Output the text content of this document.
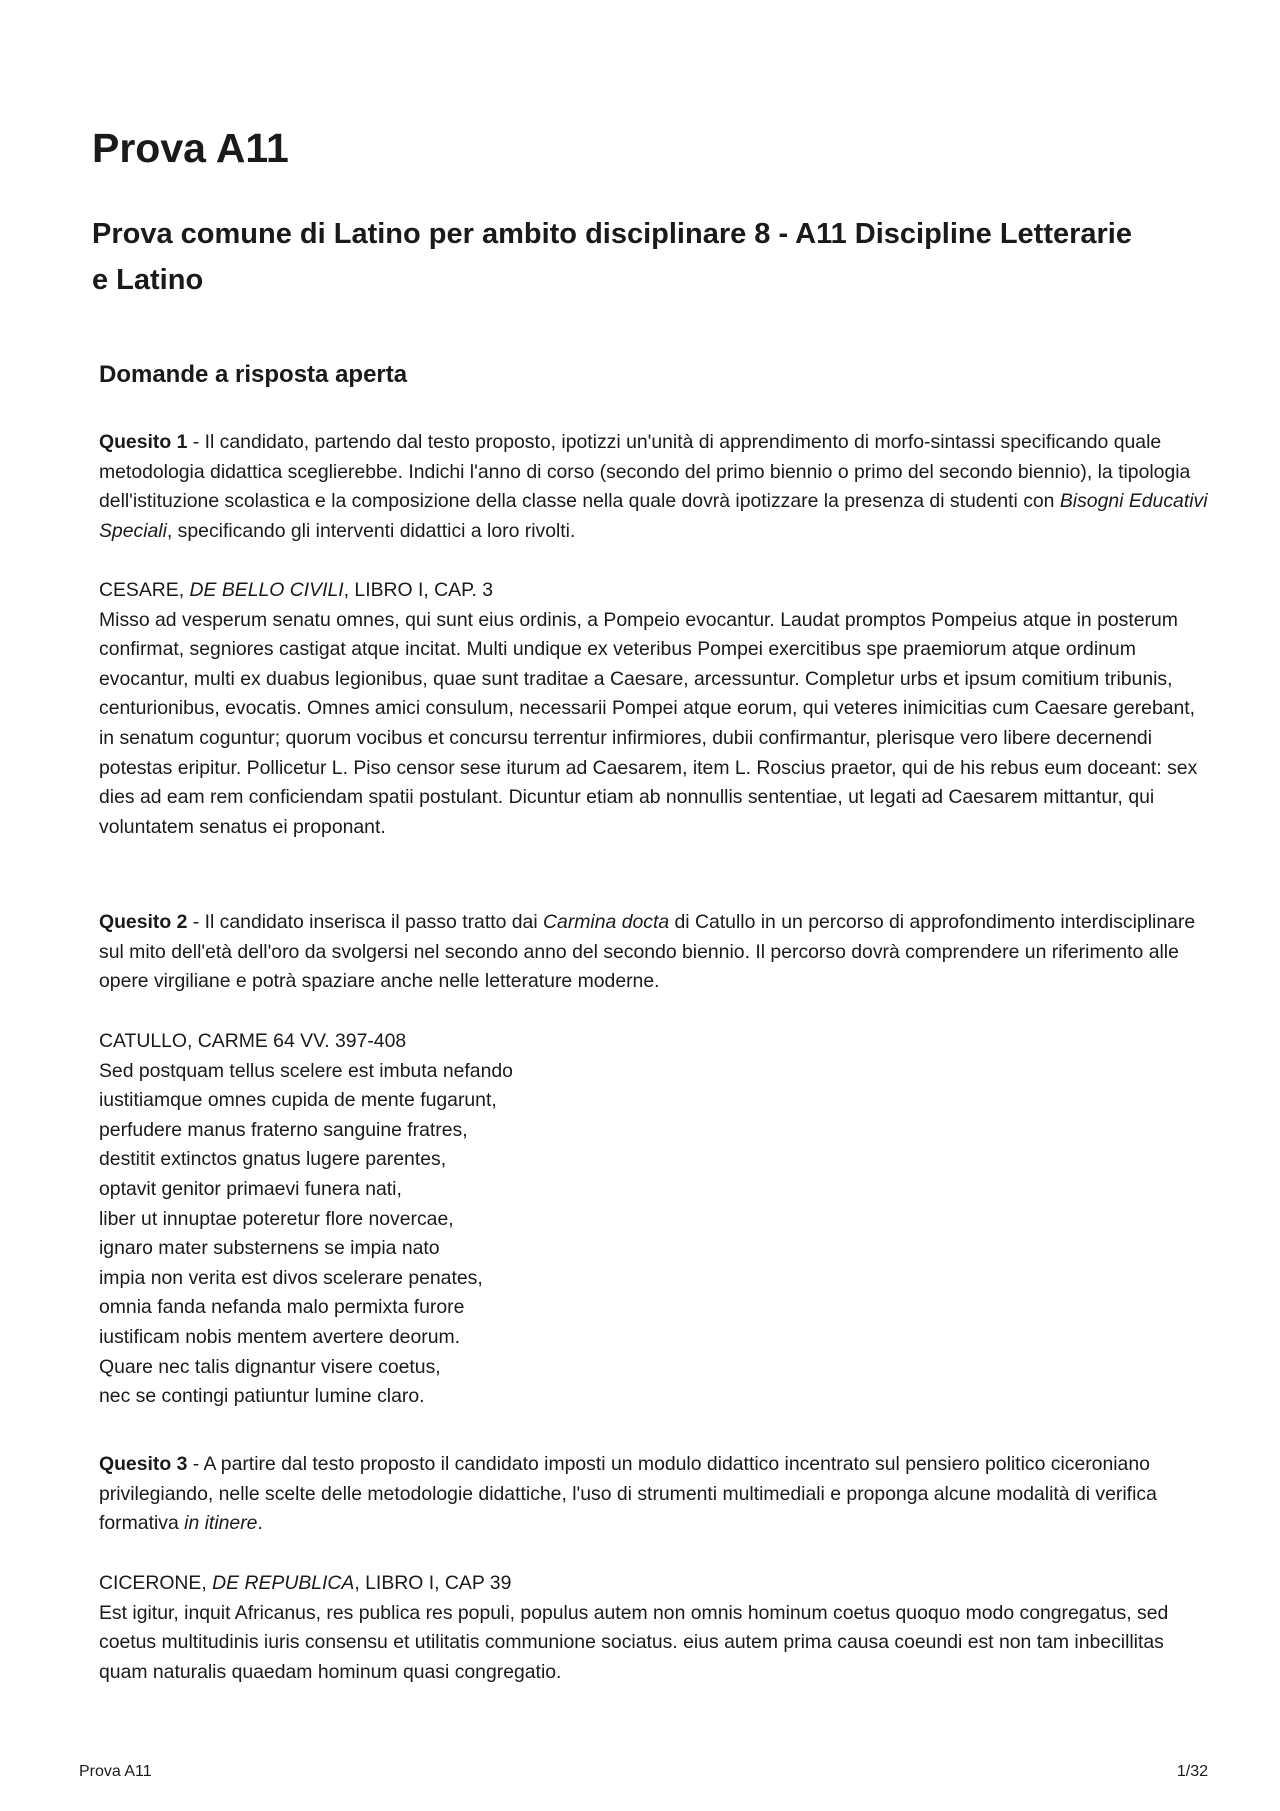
Prova A11
Prova comune di Latino per ambito disciplinare 8 - A11 Discipline Letterarie e Latino
Domande a risposta aperta

Quesito 1 - Il candidato, partendo dal testo proposto, ipotizzi un'unità di apprendimento di morfo-sintassi specificando quale metodologia didattica sceglierebbe. Indichi l'anno di corso (secondo del primo biennio o primo del secondo biennio), la tipologia dell'istituzione scolastica e la composizione della classe nella quale dovrà ipotizzare la presenza di studenti con Bisogni Educativi Speciali, specificando gli interventi didattici a loro rivolti.

CESARE, DE BELLO CIVILI, LIBRO I, CAP. 3

Misso ad vesperum senatu omnes, qui sunt eius ordinis, a Pompeio evocantur. Laudat promptos Pompeius atque in posterum confirmat, segniores castigat atque incitat. Multi undique ex veteribus Pompei exercitibus spe praemiorum atque ordinum evocantur, multi ex duabus legionibus, quae sunt traditae a Caesare, arcessuntur. Completur urbs et ipsum comitium tribunis, centurionibus, evocatis. Omnes amici consulum, necessarii Pompei atque eorum, qui veteres inimicitias cum Caesare gerebant, in senatum coguntur; quorum vocibus et concursu terrentur infirmiores, dubii confirmantur, plerisque vero libere decernendi potestas eripitur. Pollicetur L. Piso censor sese iturum ad Caesarem, item L. Roscius praetor, qui de his rebus eum doceant: sex dies ad eam rem conficiendam spatii postulant. Dicuntur etiam ab nonnullis sententiae, ut legati ad Caesarem mittantur, qui voluntatem senatus ei proponant.

Quesito 2 - Il candidato inserisca il passo tratto dai Carmina docta di Catullo in un percorso di approfondimento interdisciplinare sul mito dell'età dell'oro da svolgersi nel secondo anno del secondo biennio. Il percorso dovrà comprendere un riferimento alle opere virgiliane e potrà spaziare anche nelle letterature moderne.

CATULLO, CARME 64 VV. 397-408

Sed postquam tellus scelere est imbuta nefando
iustitiamque omnes cupida de mente fugarunt,
perfudere manus fraterno sanguine fratres,
destitit extinctos gnatus lugere parentes,
optavit genitor primaevi funera nati,
liber ut innuptae poteretur flore novercae,
ignaro mater substernens se impia nato
impia non verita est divos scelerare penates,
omnia fanda nefanda malo permixta furore
iustificam nobis mentem avertere deorum.
Quare nec talis dignantur visere coetus,
nec se contingi patiuntur lumine claro.

Quesito 3 - A partire dal testo proposto il candidato imposti un modulo didattico incentrato sul pensiero politico ciceroniano privilegiando, nelle scelte delle metodologie didattiche, l'uso di strumenti multimediali e proponga alcune modalità di verifica formativa in itinere.

CICERONE, DE REPUBLICA, LIBRO I, CAP 39

Est igitur, inquit Africanus, res publica res populi, populus autem non omnis hominum coetus quoquo modo congregatus, sed coetus multitudinis iuris consensu et utilitatis communione sociatus. eius autem prima causa coeundi est non tam inbecillitas quam naturalis quaedam hominum quasi congregatio.

Prova A11	1/32
